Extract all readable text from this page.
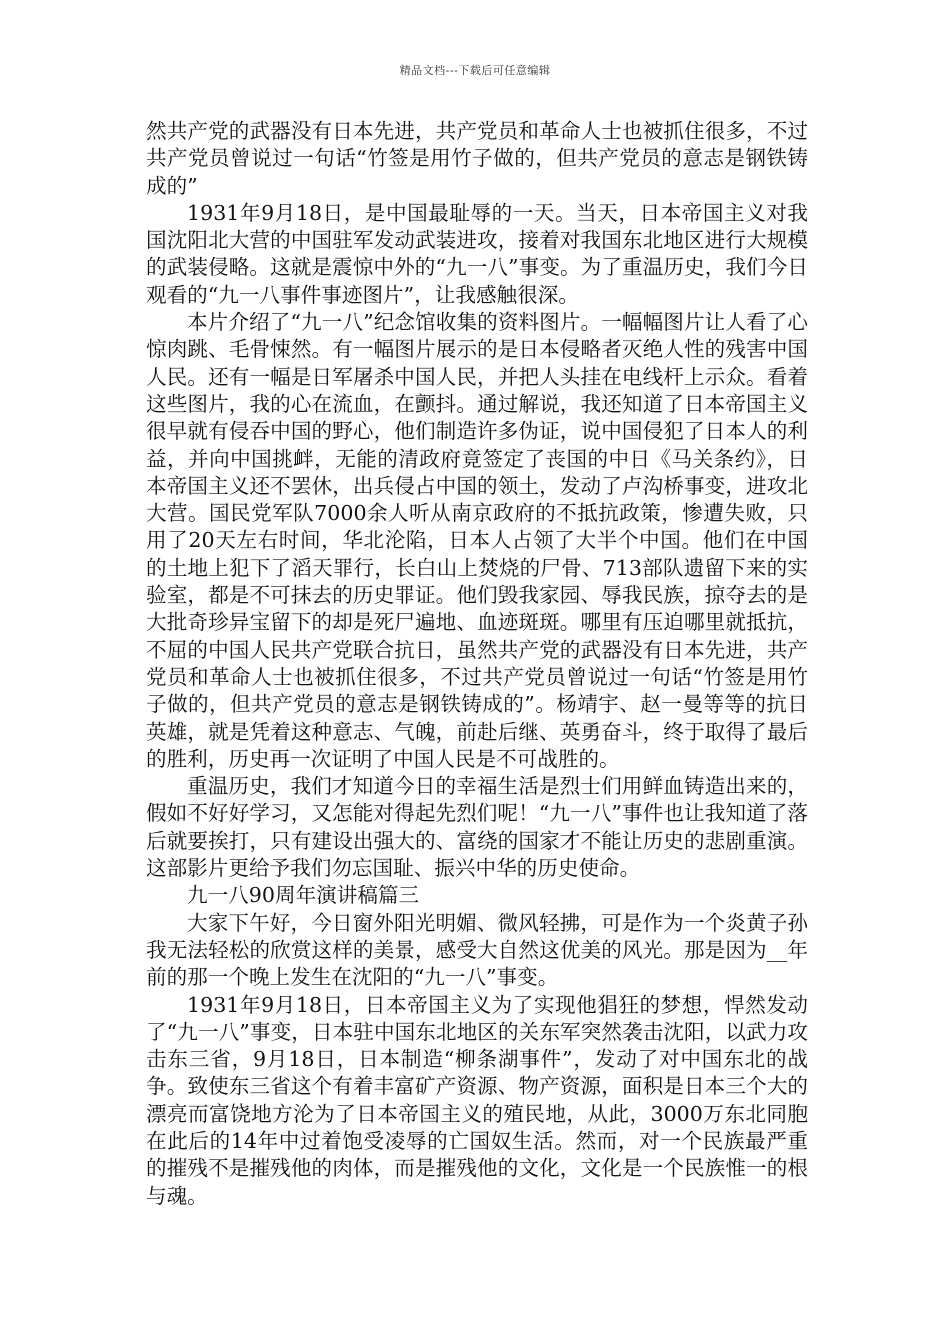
精品文档---下载后可任意编辑

然共产党的武器没有日本先进，共产党员和革命人士也被抓住很多，不过共产党员曾说过一句话“竹签是用竹子做的，但共产党员的意志是钢铁铸成的”

1931年9月18日，是中国最耻辱的一天。当天，日本帝国主义对我国沈阳北大营的中国驻军发动武装进攻，接着对我国东北地区进行大规模的武装侵略。这就是震惊中外的“九一八”事变。为了重温历史，我们今日观看的“九一八事件事迹图片”，让我感触很深。

本片介绍了“九一八”纪念馆收集的资料图片。一幅幅图片让人看了心惊肉跳、毛骨悚然。有一幅图片展示的是日本侵略者灭绝人性的残害中国人民。还有一幅是日军屠杀中国人民，并把人头挂在电线杆上示众。看着这些图片，我的心在流血，在颤抖。通过解说，我还知道了日本帝国主义很早就有侵吞中国的野心，他们制造许多伪证，说中国侵犯了日本人的利益，并向中国挑衅，无能的清政府竟签定了丧国的中日《马关条约》，日本帝国主义还不罢休，出兵侵占中国的领土，发动了卢沟桥事变，进攻北大营。国民党军队7000余人听从南京政府的不抵抗政策，惨遭失败，只用了20天左右时间，华北沦陷，日本人占领了大半个中国。他们在中国的土地上犯下了滔天罪行，长白山上焚烧的尸骨、713部队遗留下来的实验室，都是不可抹去的历史罪证。他们毁我家园、辱我民族，掠夺去的是大批奇珍异宝留下的却是死尸遍地、血迹斑斑。哪里有压迫哪里就抵抗，不屈的中国人民共产党联合抗日，虽然共产党的武器没有日本先进，共产党员和革命人士也被抓住很多，不过共产党员曾说过一句话“竹签是用竹子做的，但共产党员的意志是钢铁铸成的”。杨靖宇、赵一曼等等的抗日英雄，就是凭着这种意志、气魄，前赴后继、英勇奋斗，终于取得了最后的胜利，历史再一次证明了中国人民是不可战胜的。

重温历史，我们才知道今日的幸福生活是烈士们用鲜血铸造出来的，假如不好好学习，又怎能对得起先烈们呢！“九一八”事件也让我知道了落后就要挨打，只有建设出强大的、富绕的国家才不能让历史的悲剧重演。这部影片更给予我们勿忘国耻、振兴中华的历史使命。

九一八90周年演讲稿篇三

大家下午好，今日窗外阳光明媚、微风轻拂，可是作为一个炎黄子孙我无法轻松的欣赏这样的美景，感受大自然这优美的风光。那是因为__年前的那一个晚上发生在沈阳的“九一八”事变。

1931年9月18日，日本帝国主义为了实现他猖狂的梦想，悍然发动了“九一八”事变，日本驻中国东北地区的关东军突然袭击沈阳，以武力攻击东三省，9月18日，日本制造“柳条湖事件”，发动了对中国东北的战争。致使东三省这个有着丰富矿产资源、物产资源，面积是日本三个大的漂亮而富饶地方沦为了日本帝国主义的殖民地，从此，3000万东北同胞在此后的14年中过着饱受凌辱的亡国奴生活。然而，对一个民族最严重的摧残不是摧残他的肉体，而是摧残他的文化，文化是一个民族惟一的根与魂。
